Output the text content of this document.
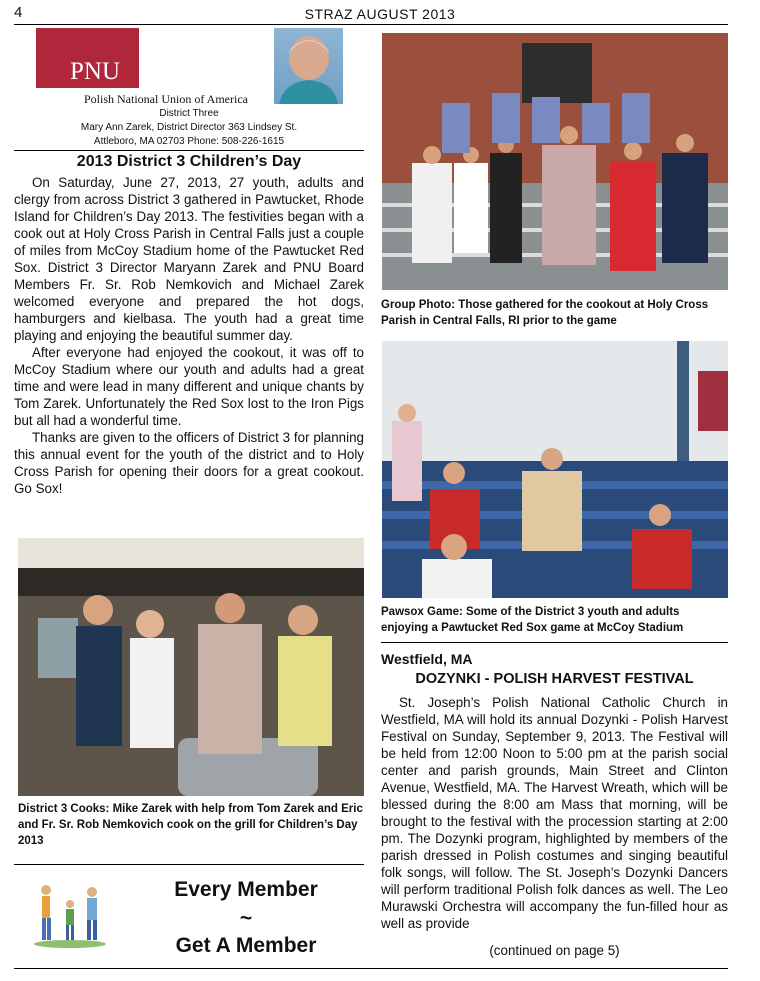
4	STRAZ AUGUST 2013
PNU
Polish National Union of America
District Three
Mary Ann Zarek, District Director 363 Lindsey St.
Attleboro, MA 02703 Phone: 508-226-1615
2013 District 3 Children’s Day

On Saturday, June 27, 2013, 27 youth, adults and clergy from across District 3 gathered in Pawtucket, Rhode Island for Children’s Day 2013. The festivities began with a cook out at Holy Cross Parish in Central Falls just a couple of miles from McCoy Stadium home of the Pawtucket Red Sox. District 3 Director Maryann Zarek and PNU Board Members Fr. Sr. Rob Nemkovich and Michael Zarek welcomed everyone and prepared the hot dogs, hamburgers and kielbasa. The youth had a great time playing and enjoying the beautiful summer day.

After everyone had enjoyed the cookout, it was off to McCoy Stadium where our youth and adults had a great time and were lead in many different and unique chants by Tom Zarek. Unfortunately the Red Sox lost to the Iron Pigs but all had a wonderful time.

Thanks are given to the officers of District 3 for planning this annual event for the youth of the district and to Holy Cross Parish for opening their doors for a great cookout. Go Sox!

District 3 Cooks: Mike Zarek with help from Tom Zarek and Eric and Fr. Sr. Rob Nemkovich cook on the grill for Children’s Day 2013
Every Member
~
Get A Member
Group Photo: Those gathered for the cookout at Holy Cross Parish in Central Falls, RI prior to the game
Pawsox Game: Some of the District 3 youth and adults enjoying a Pawtucket Red Sox game at McCoy Stadium
Westfield, MA
DOZYNKI - POLISH HARVEST FESTIVAL

St. Joseph’s Polish National Catholic Church in Westfield, MA will hold its annual Dozynki - Polish Harvest Festival on Sunday, September 9, 2013. The Festival will be held from 12:00 Noon to 5:00 pm at the parish social center and parish grounds, Main Street and Clinton Avenue, Westfield, MA. The Harvest Wreath, which will be blessed during the 8:00 am Mass that morning, will be brought to the festival with the procession starting at 2:00 pm. The Dozynki program, highlighted by members of the parish dressed in Polish costumes and singing beautiful folk songs, will follow. The St. Joseph’s Dozynki Dancers will perform traditional Polish folk dances as well. The Leo Murawski Orchestra will accompany the fun-filled hour as well as provide

(continued on page 5)
